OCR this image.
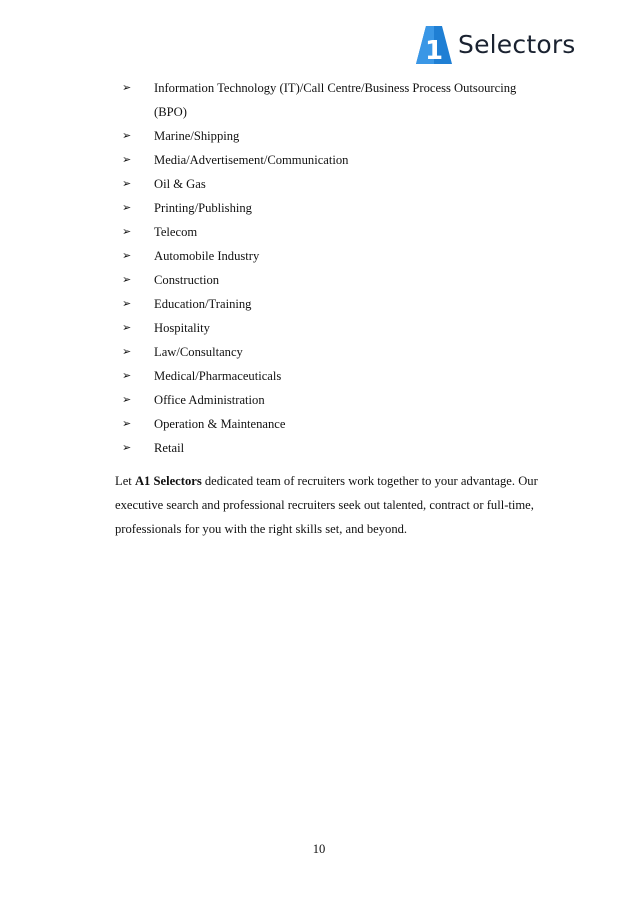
1 Selectors
➢ Information Technology (IT)/Call Centre/Business Process Outsourcing
(BPO)
➢ Marine/Shipping
➢ Media/Advertisement/Communication
➢ Oil & Gas
➢ Printing/Publishing
➢ Telecom
➢ Automobile Industry
➢ Construction
➢ Education/Training
➢ Hospitality
➢ Law/Consultancy
➢ Medical/Pharmaceuticals
➢ Office Administration
➢ Operation & Maintenance
➢ Retail

Let A1 Selectors dedicated team of recruiters work together to your advantage. Our executive search and professional recruiters seek out talented, contract or full-time, professionals for you with the right skills set, and beyond.

10
